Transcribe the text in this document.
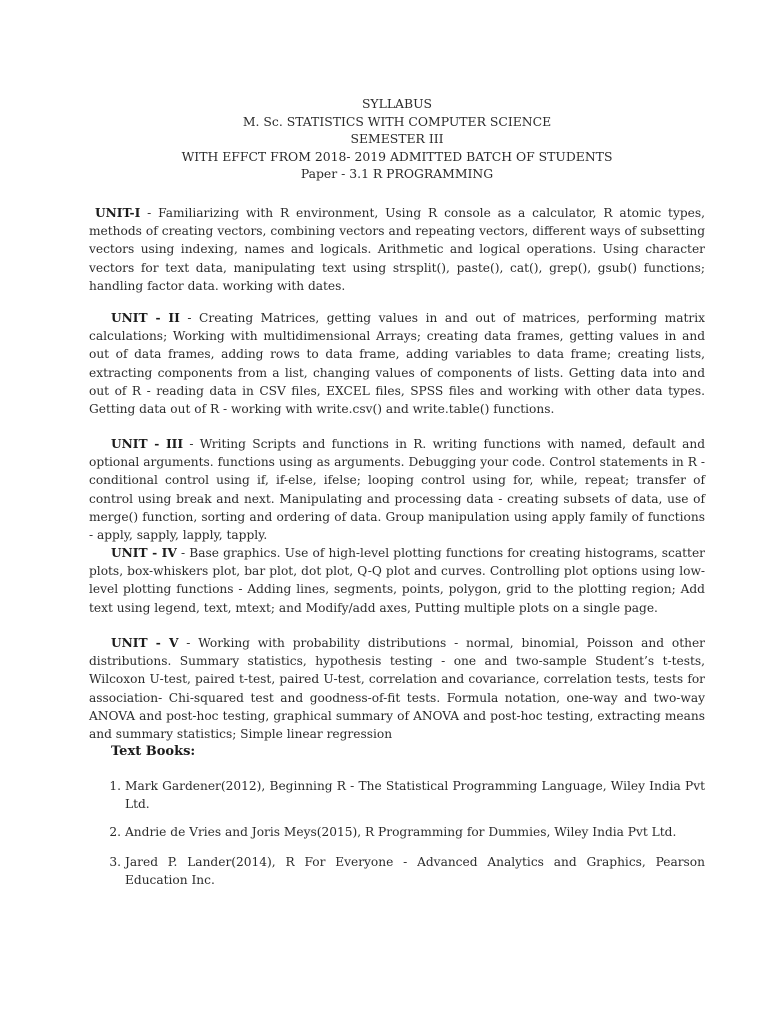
SYLLABUS
M. Sc. STATISTICS WITH COMPUTER SCIENCE
SEMESTER III
WITH EFFCT FROM 2018- 2019 ADMITTED BATCH OF STUDENTS
Paper - 3.1 R PROGRAMMING

UNIT-I - Familiarizing with R environment, Using R console as a calculator, R atomic types, methods of creating vectors, combining vectors and repeating vectors, different ways of subsetting vectors using indexing, names and logicals. Arithmetic and logical operations. Using character vectors for text data, manipulating text using strsplit(), paste(), cat(), grep(), gsub() functions; handling factor data. working with dates.

UNIT - II - Creating Matrices, getting values in and out of matrices, performing matrix calculations; Working with multidimensional Arrays; creating data frames, getting values in and out of data frames, adding rows to data frame, adding variables to data frame; creating lists, extracting components from a list, changing values of components of lists. Getting data into and out of R - reading data in CSV files, EXCEL files, SPSS files and working with other data types. Getting data out of R - working with write.csv() and write.table() functions.

UNIT - III - Writing Scripts and functions in R. writing functions with named, default and optional arguments. functions using as arguments. Debugging your code. Control statements in R - conditional control using if, if-else, ifelse; looping control using for, while, repeat; transfer of control using break and next. Manipulating and processing data - creating subsets of data, use of merge() function, sorting and ordering of data. Group manipulation using apply family of functions - apply, sapply, lapply, tapply.

UNIT - IV - Base graphics. Use of high-level plotting functions for creating histograms, scatter plots, box-whiskers plot, bar plot, dot plot, Q-Q plot and curves. Controlling plot options using low-level plotting functions - Adding lines, segments, points, polygon, grid to the plotting region; Add text using legend, text, mtext; and Modify/add axes, Putting multiple plots on a single page.

UNIT - V - Working with probability distributions - normal, binomial, Poisson and other distributions. Summary statistics, hypothesis testing - one and two-sample Student’s t-tests, Wilcoxon U-test, paired t-test, paired U-test, correlation and covariance, correlation tests, tests for association- Chi-squared test and goodness-of-fit tests. Formula notation, one-way and two-way ANOVA and post-hoc testing, graphical summary of ANOVA and post-hoc testing, extracting means and summary statistics; Simple linear regression

Text Books:
1. Mark Gardener(2012), Beginning R - The Statistical Programming Language, Wiley India Pvt Ltd.
2. Andrie de Vries and Joris Meys(2015), R Programming for Dummies, Wiley India Pvt Ltd.
3. Jared P. Lander(2014), R For Everyone - Advanced Analytics and Graphics, Pearson Education Inc.
